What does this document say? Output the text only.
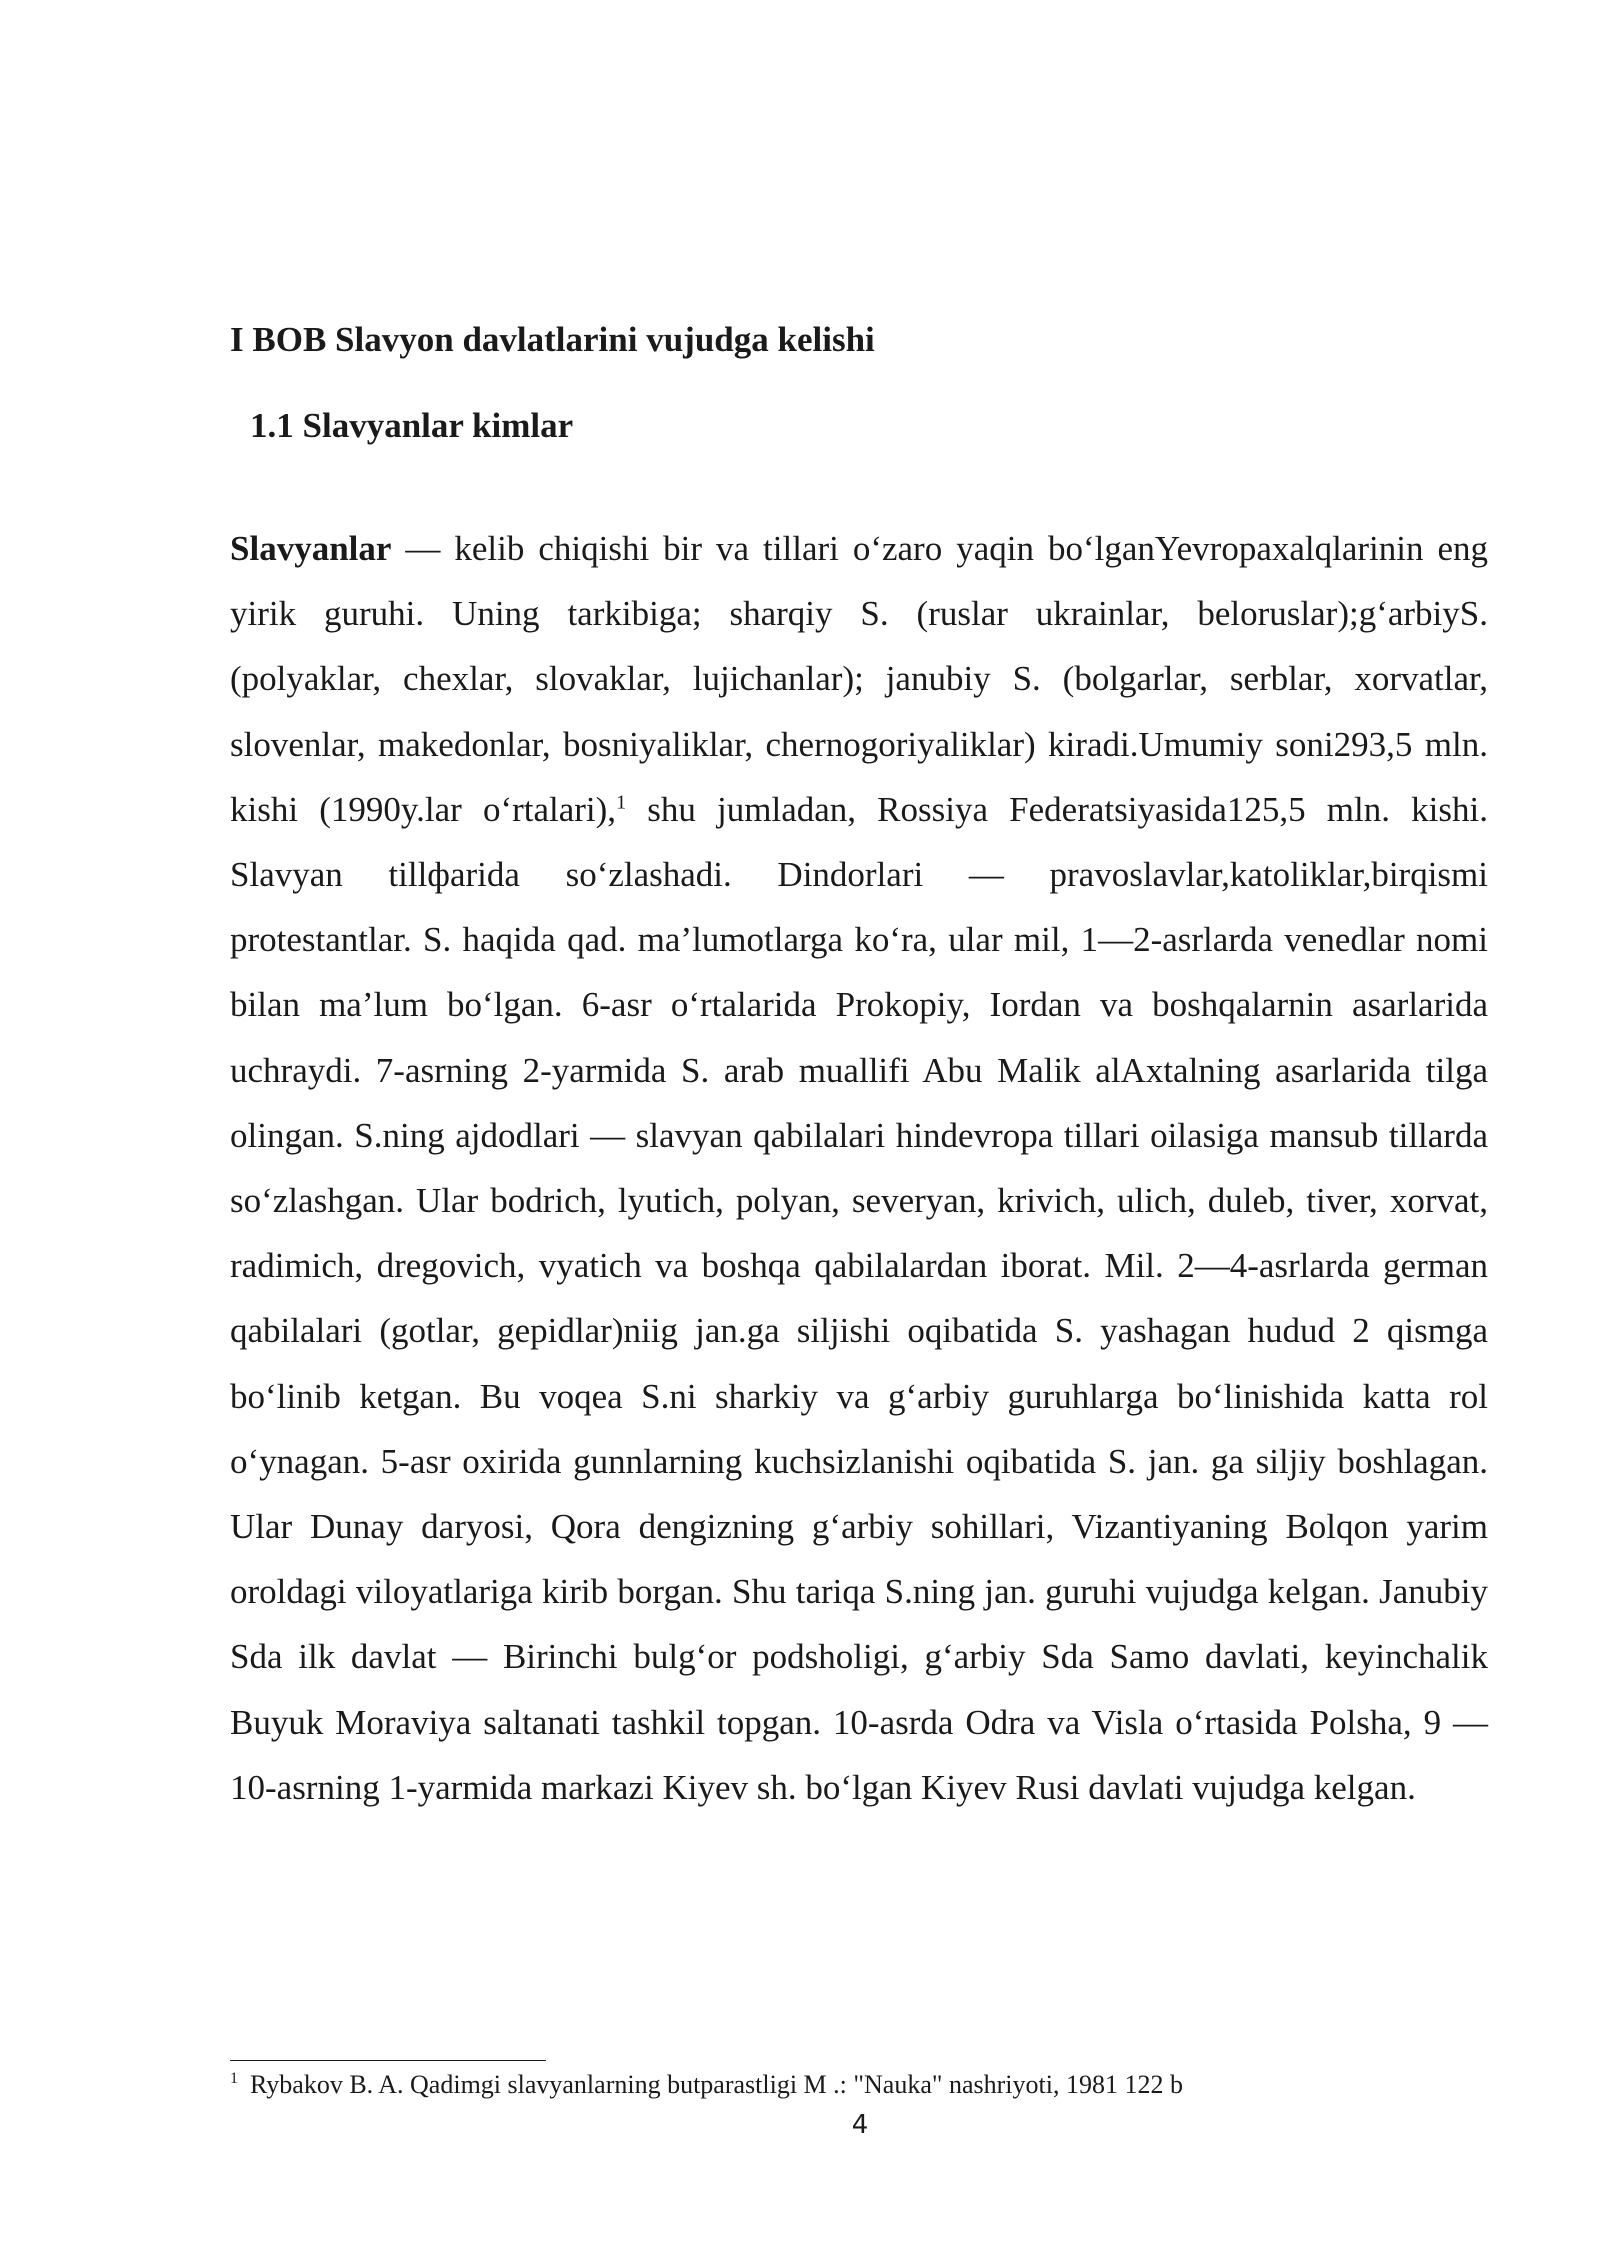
I BOB Slavyon davlatlarini vujudga kelishi
1.1 Slavyanlar kimlar

Slavyanlar — kelib chiqishi bir va tillari o‘zaro yaqin bo‘lganYevropaxalqlarinin eng yirik guruhi. Uning tarkibiga; sharqiy S. (ruslar ukrainlar, beloruslar);g‘arbiyS. (polyaklar, chexlar, slovaklar, lujichanlar); janubiy S. (bolgarlar, serblar, xorvatlar, slovenlar, makedonlar, bosniyaliklar, chernogoriyaliklar) kiradi.Umumiy soni293,5 mln. kishi (1990y.lar o‘rtalari),$^1$ shu jumladan, Rossiya Federatsiyasida125,5 mln. kishi. Slavyan tillфarida so‘zlashadi. Dindorlari — pravoslavlar,katoliklar,birqismi protestantlar. S. haqida qad. ma’lumotlarga ko‘ra, ular mil, 1—2-asrlarda venedlar nomi bilan ma’lum bo‘lgan. 6-asr o‘rtalarida Prokopiy, Iordan va boshqalarnin asarlarida uchraydi. 7-asrning 2-yarmida S. arab muallifi Abu Malik alAxtalning asarlarida tilga olingan. S.ning ajdodlari — slavyan qabilalari hindevropa tillari oilasiga mansub tillarda so‘zlashgan. Ular bodrich, lyutich, polyan, severyan, krivich, ulich, duleb, tiver, xorvat, radimich, dregovich, vyatich va boshqa qabilalardan iborat. Mil. 2—4-asrlarda german qabilalari (gotlar, gepidlar)niig jan.ga siljishi oqibatida S. yashagan hudud 2 qismga bo‘linib ketgan. Bu voqea S.ni sharkiy va g‘arbiy guruhlarga bo‘linishida katta rol o‘ynagan. 5-asr oxirida gunnlarning kuchsizlanishi oqibatida S. jan. ga siljiy boshlagan. Ular Dunay daryosi, Qora dengizning g‘arbiy sohillari, Vizantiyaning Bolqon yarim oroldagi viloyatlariga kirib borgan. Shu tariqa S.ning jan. guruhi vujudga kelgan. Janubiy Sda ilk davlat — Birinchi bulg‘or podsholigi, g‘arbiy Sda Samo davlati, keyinchalik Buyuk Moraviya saltanati tashkil topgan. 10-asrda Odra va Visla o‘rtasida Polsha, 9 —10-asrning 1-yarmida markazi Kiyev sh. bo‘lgan Kiyev Rusi davlati vujudga kelgan.

$^1$ Rybakov B. A. Qadimgi slavyanlarning butparastligi M .: "Nauka" nashriyoti, 1981 122 b

4
